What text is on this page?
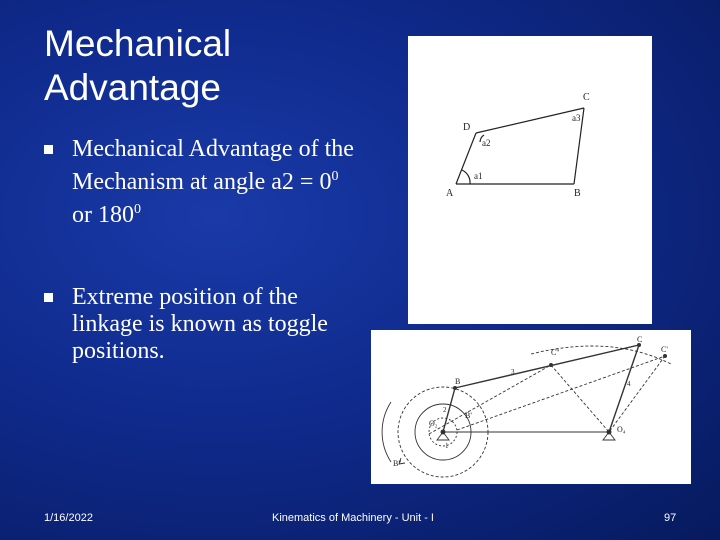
Mechanical Advantage
Mechanical Advantage of the Mechanism at angle $a2 = 0^0$ or $180^0$
Extreme position of the linkage is known as toggle positions.
A	B
C
D
a1
a2
a3
B
C
C''	C'
O₂
O₄
B'
B''
1
2
3
4
1/16/2022	Kinematics of Machinery - Unit - I	97
